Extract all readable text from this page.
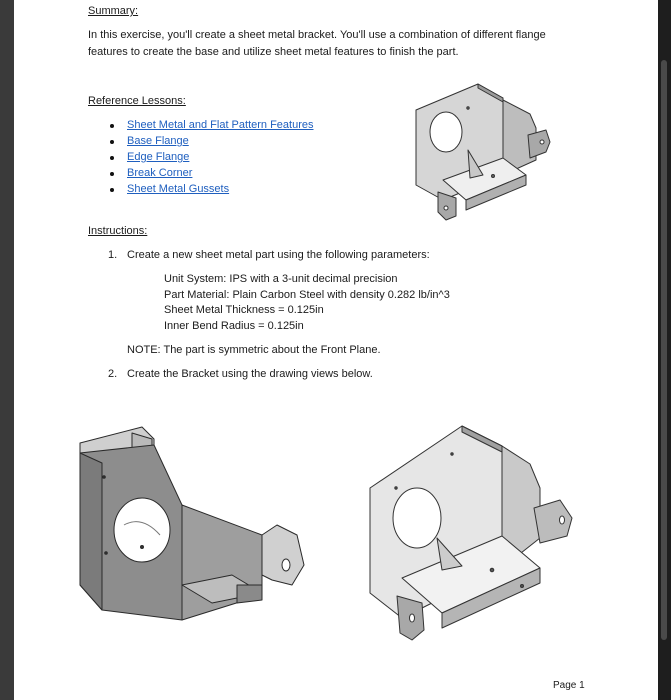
Summary:
In this exercise, you'll create a sheet metal bracket. You'll use a combination of different flange
features to create the base and utilize sheet metal features to finish the part.
Reference Lessons:
Sheet Metal and Flat Pattern Features
Base Flange
Edge Flange
Break Corner
Sheet Metal Gussets
Instructions:
1. Create a new sheet metal part using the following parameters:
Unit System: IPS with a 3-unit decimal precision
Part Material: Plain Carbon Steel with density 0.282 lb/in^3
Sheet Metal Thickness = 0.125in
Inner Bend Radius = 0.125in
NOTE: The part is symmetric about the Front Plane.
2. Create the Bracket using the drawing views below.
Page 1
